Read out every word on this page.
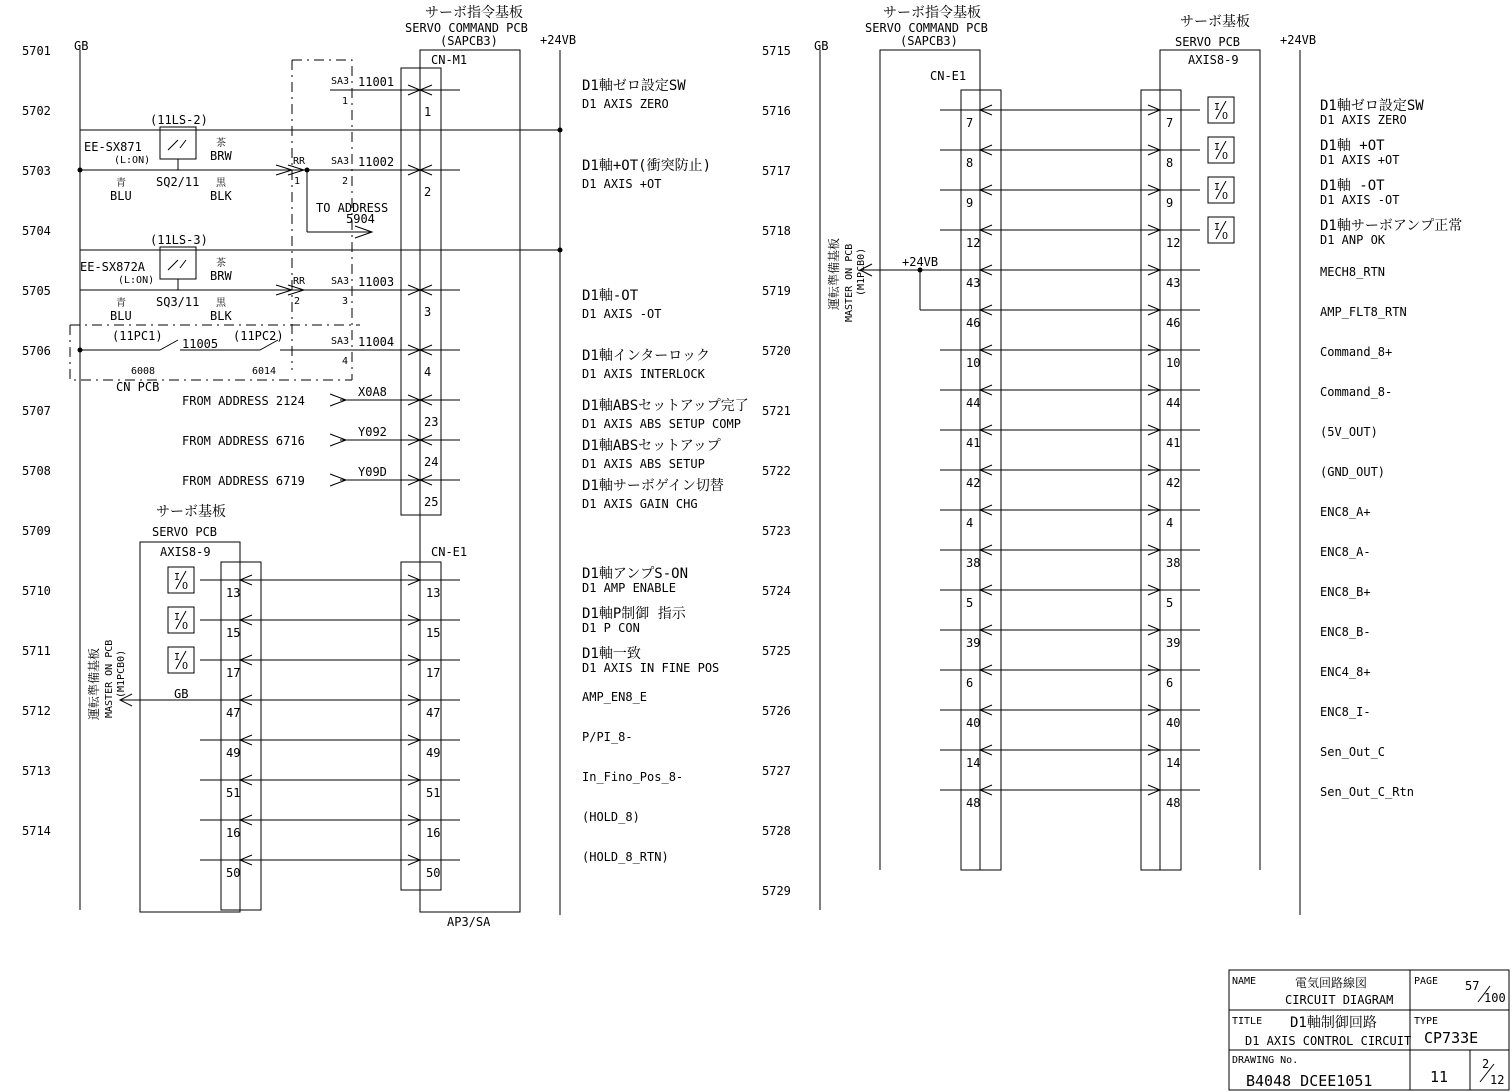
I
O
I
O
I
O
I
O
I
O
I
O
I
O
サーボ指令基板
SERVO COMMAND PCB
(SAPCB3)
CN-M1
+24VB
GB
CN-E1
AP3/SA
(11LS-2)
EE-SX871
(L:ON)
茶
BRW
青
BLU
SQ2/11 黒
BLK
(11LS-3)
EE-SX872A
(L:ON)
茶
BRW
青
BLU
SQ3/11 黒
BLK
RR
RR
1
2
SA3
SA3
SA3
SA3
1
2
3
4
TO ADDRESS
5904
(11PC1)	(11PC2)
11005
6008	6014
CN PCB
FROM ADDRESS 2124
FROM ADDRESS 6716
FROM ADDRESS 6719
サーボ基板
SERVO PCB
AXIS8-9
GB
運転準備基板 MASTER ON PCB (M1PCB0)
サーボ指令基板
SERVO COMMAND PCB
(SAPCB3)
CN-E1
GB
サーボ基板
SERVO PCB
AXIS8-9
+24VB
+24VB
運転準備基板 MASTER ON PCB (M1PCB0)
NAME	電気回路線図
CIRCUIT DIAGRAM
PAGE 57
100
TITLE D1軸制御回路
D1 AXIS CONTROL CIRCUIT
TYPE
CP733E
DRAWING No.
B4048 DCEE1051	11
2
12
5701
5702
5703
5704
5705
5706
5707
5708
5709
5710
5711
5712
5713
5714
5715
5716
5717
5718
5719
5720
5721
5722
5723
5724
5725
5726
5727
5728
5729
1
11001	D1軸ゼロ設定SW
D1 AXIS ZERO
2
11002	D1軸+OT(衝突防止)
D1 AXIS +OT
3
11003
D1軸-OT
D1 AXIS -OT
4
11004
D1軸インターロック
D1 AXIS INTERLOCK
23
X0A8
D1軸ABSセットアップ完了
D1 AXIS ABS SETUP COMP
24
Y092
D1軸ABSセットアップ
D1 AXIS ABS SETUP
25
Y09D
D1軸サーボゲイン切替
D1 AXIS GAIN CHG
13	13
D1軸アンプS-ON
D1 AMP ENABLE
15	15
D1軸P制御 指示
D1 P CON
17	17
D1軸一致
D1 AXIS IN FINE POS
47	47
AMP_EN8_E
49	49
P/PI_8-
51	51
In_Fino_Pos_8-
16	16
(HOLD_8)
50	50
(HOLD_8_RTN)
7	7
D1軸ゼロ設定SW
D1 AXIS ZERO
8	8
D1軸 +OT
D1 AXIS +OT
9	9
D1軸 -OT
D1 AXIS -OT
12	12
D1軸サーボアンプ正常
D1 ANP OK
43	43
MECH8_RTN
46	46
AMP_FLT8_RTN
10	10
Command_8+
44	44
Command_8-
41	41
(5V_OUT)
42	42
(GND_OUT)
4	4
ENC8_A+
38	38
ENC8_A-
5	5
ENC8_B+
39	39
ENC8_B-
6	6
ENC4_8+
40	40
ENC8_I-
14	14
Sen_Out_C
48	48
Sen_Out_C_Rtn
